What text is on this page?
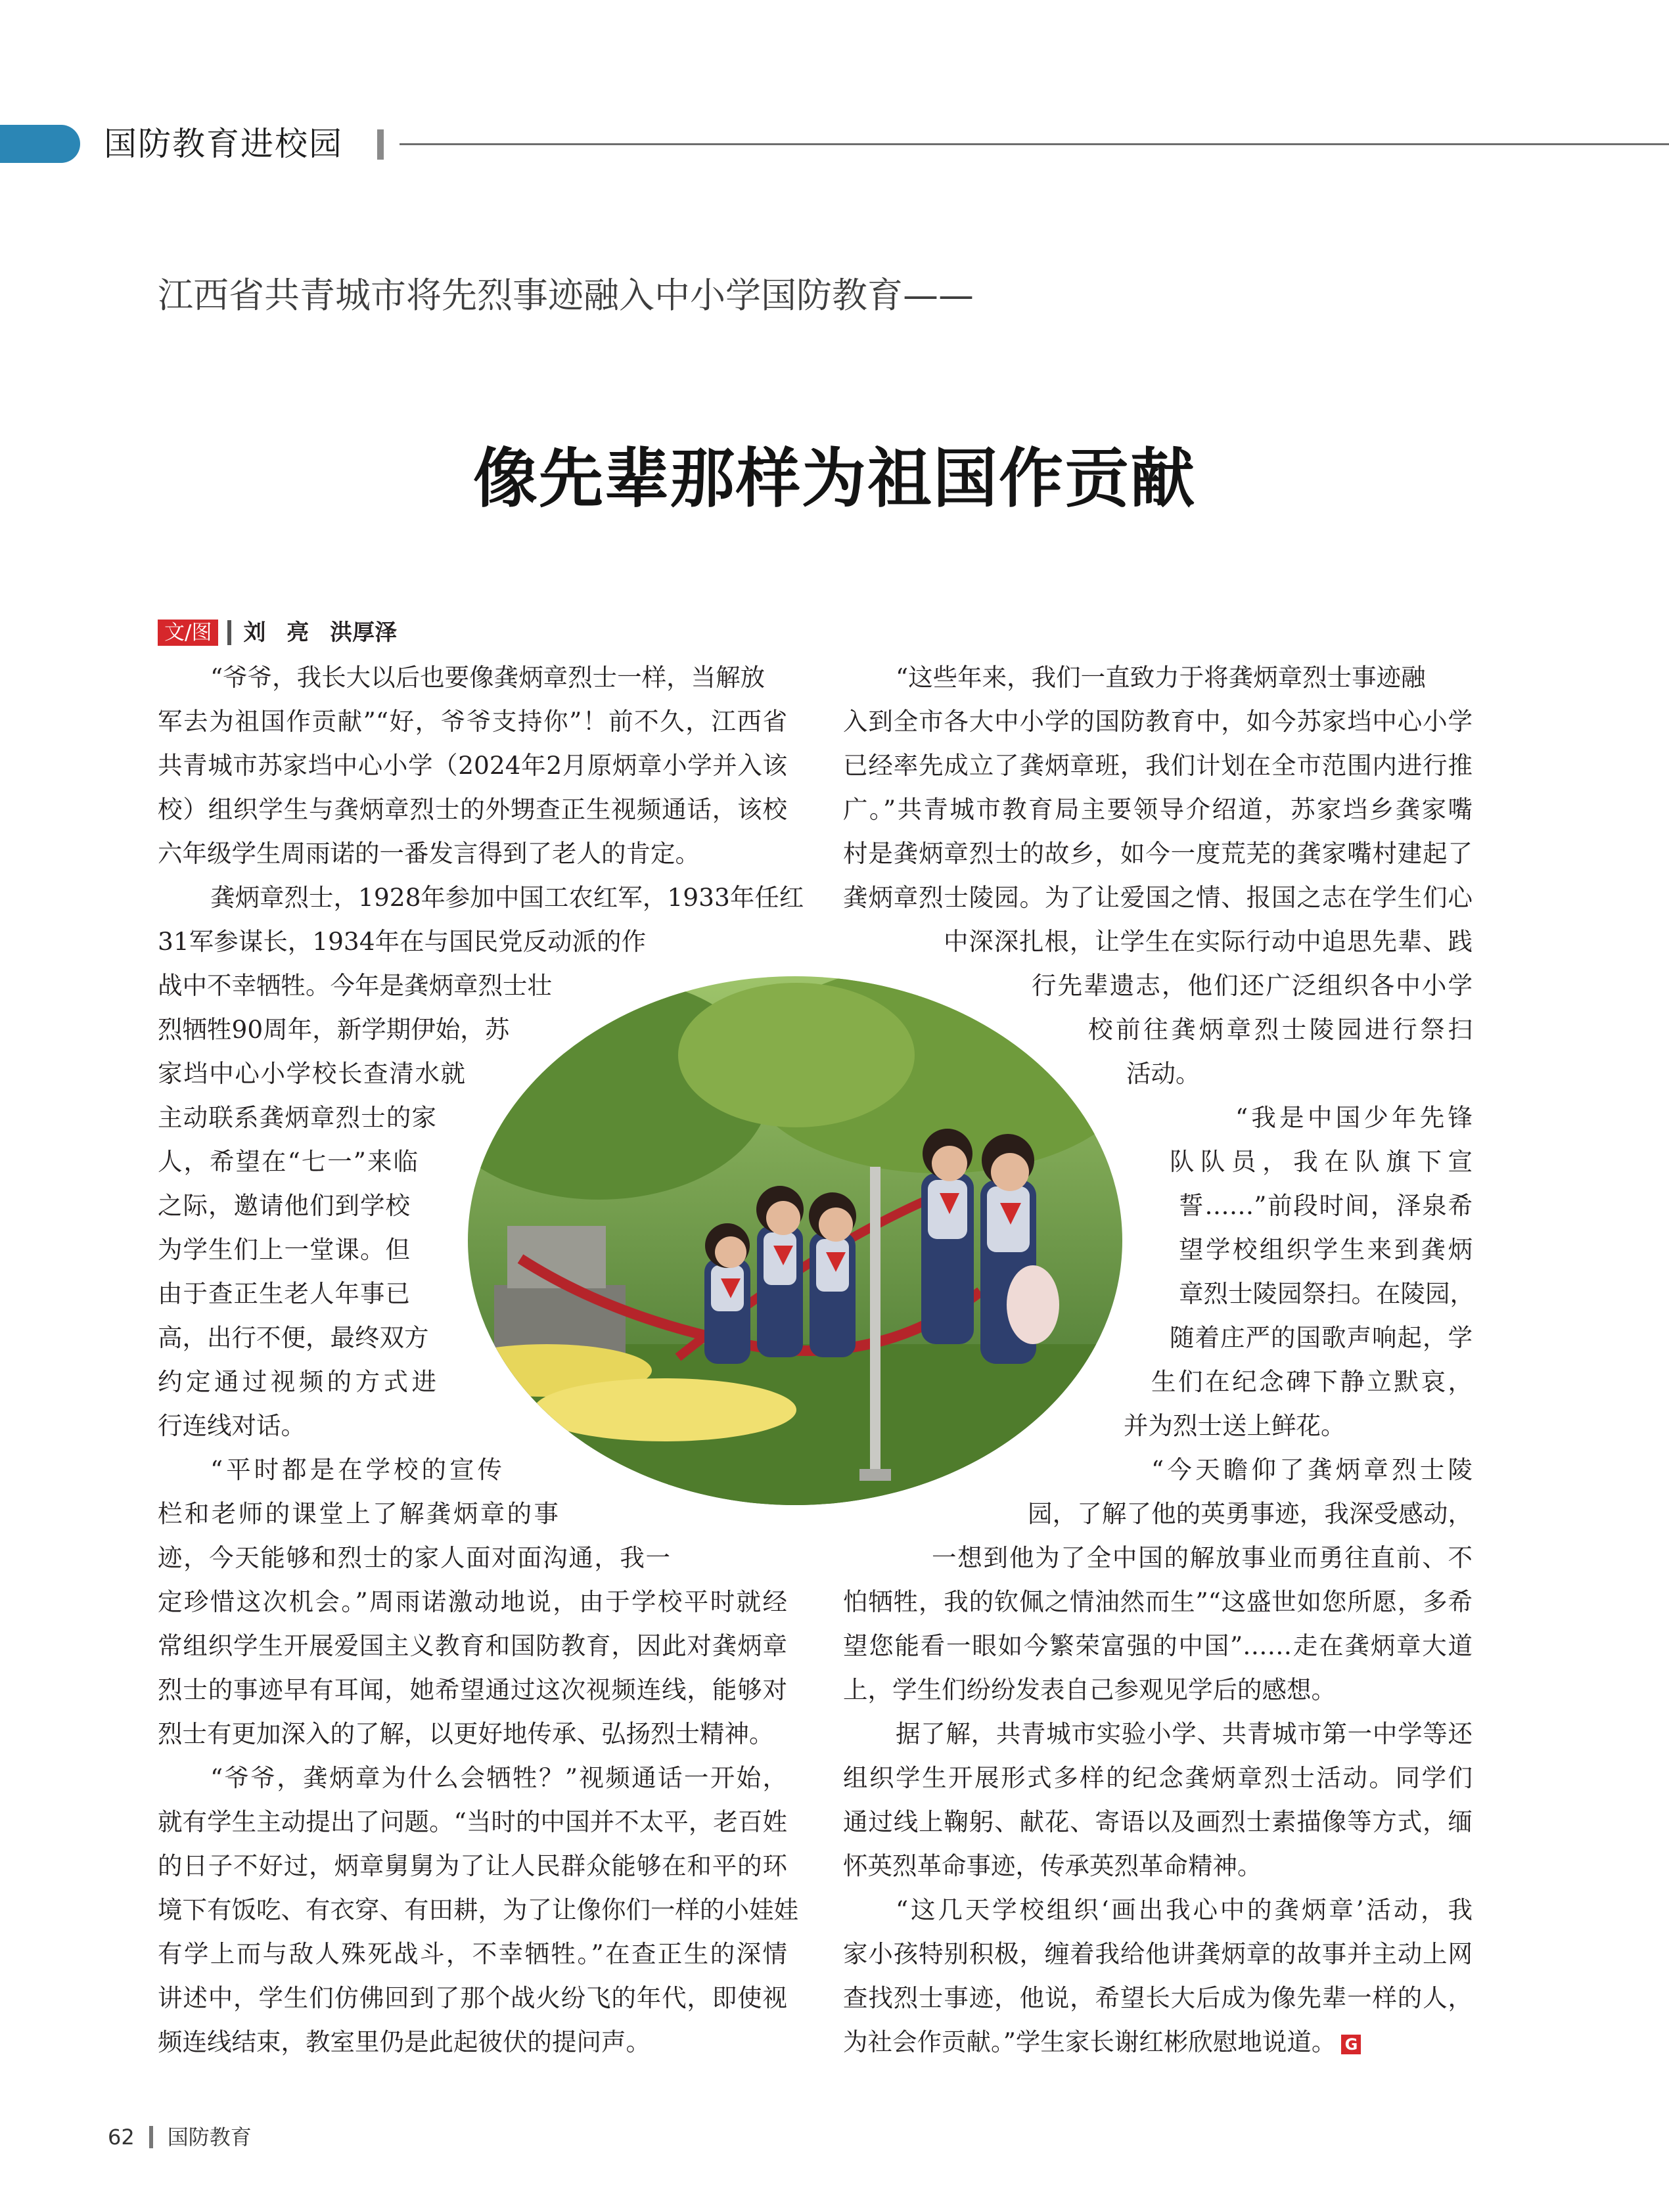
国防教育进校园
江西省共青城市将先烈事迹融入中小学国防教育——
像先辈那样为祖国作贡献
文/图 刘 亮 洪厚泽
“爷爷，我长大以后也要像龚炳章烈士一样，当解放
军去为祖国作贡献”“好，爷爷支持你”！前不久，江西省
共青城市苏家垱中心小学（2024年2月原炳章小学并入该
校）组织学生与龚炳章烈士的外甥查正生视频通话，该校
六年级学生周雨诺的一番发言得到了老人的肯定。
龚炳章烈士，1928年参加中国工农红军，1933年任红
31军参谋长，1934年在与国民党反动派的作
战中不幸牺牲。今年是龚炳章烈士壮
烈牺牲90周年，新学期伊始，苏
家垱中心小学校长查清水就
主动联系龚炳章烈士的家
人，希望在“七一”来临
之际，邀请他们到学校
为学生们上一堂课。但
由于查正生老人年事已
高，出行不便，最终双方
约定通过视频的方式进
行连线对话。
“平时都是在学校的宣传
栏和老师的课堂上了解龚炳章的事
迹，今天能够和烈士的家人面对面沟通，我一
定珍惜这次机会。”周雨诺激动地说，由于学校平时就经
常组织学生开展爱国主义教育和国防教育，因此对龚炳章
烈士的事迹早有耳闻，她希望通过这次视频连线，能够对
烈士有更加深入的了解，以更好地传承、弘扬烈士精神。
“爷爷，龚炳章为什么会牺牲？”视频通话一开始，
就有学生主动提出了问题。“当时的中国并不太平，老百姓
的日子不好过，炳章舅舅为了让人民群众能够在和平的环
境下有饭吃、有衣穿、有田耕，为了让像你们一样的小娃娃
有学上而与敌人殊死战斗，不幸牺牲。”在查正生的深情
讲述中，学生们仿佛回到了那个战火纷飞的年代，即使视
频连线结束，教室里仍是此起彼伏的提问声。
“这些年来，我们一直致力于将龚炳章烈士事迹融
入到全市各大中小学的国防教育中，如今苏家垱中心小学
已经率先成立了龚炳章班，我们计划在全市范围内进行推
广。”共青城市教育局主要领导介绍道，苏家垱乡龚家嘴
村是龚炳章烈士的故乡，如今一度荒芜的龚家嘴村建起了
龚炳章烈士陵园。为了让爱国之情、报国之志在学生们心
中深深扎根，让学生在实际行动中追思先辈、践
行先辈遗志，他们还广泛组织各中小学
校前往龚炳章烈士陵园进行祭扫
活动。
“我是中国少年先锋
队队员，我在队旗下宣
誓……”前段时间，泽泉希
望学校组织学生来到龚炳
章烈士陵园祭扫。在陵园，
随着庄严的国歌声响起，学
生们在纪念碑下静立默哀，
并为烈士送上鲜花。
“今天瞻仰了龚炳章烈士陵
园，了解了他的英勇事迹，我深受感动，
一想到他为了全中国的解放事业而勇往直前、不
怕牺牲，我的钦佩之情油然而生”“这盛世如您所愿，多希
望您能看一眼如今繁荣富强的中国”……走在龚炳章大道
上，学生们纷纷发表自己参观见学后的感想。
据了解，共青城市实验小学、共青城市第一中学等还
组织学生开展形式多样的纪念龚炳章烈士活动。同学们
通过线上鞠躬、献花、寄语以及画烈士素描像等方式，缅
怀英烈革命事迹，传承英烈革命精神。
“这几天学校组织‘画出我心中的龚炳章’活动，我
家小孩特别积极，缠着我给他讲龚炳章的故事并主动上网
查找烈士事迹，他说，希望长大后成为像先辈一样的人，
为社会作贡献。”学生家长谢红彬欣慰地说道。 G
62 国防教育
